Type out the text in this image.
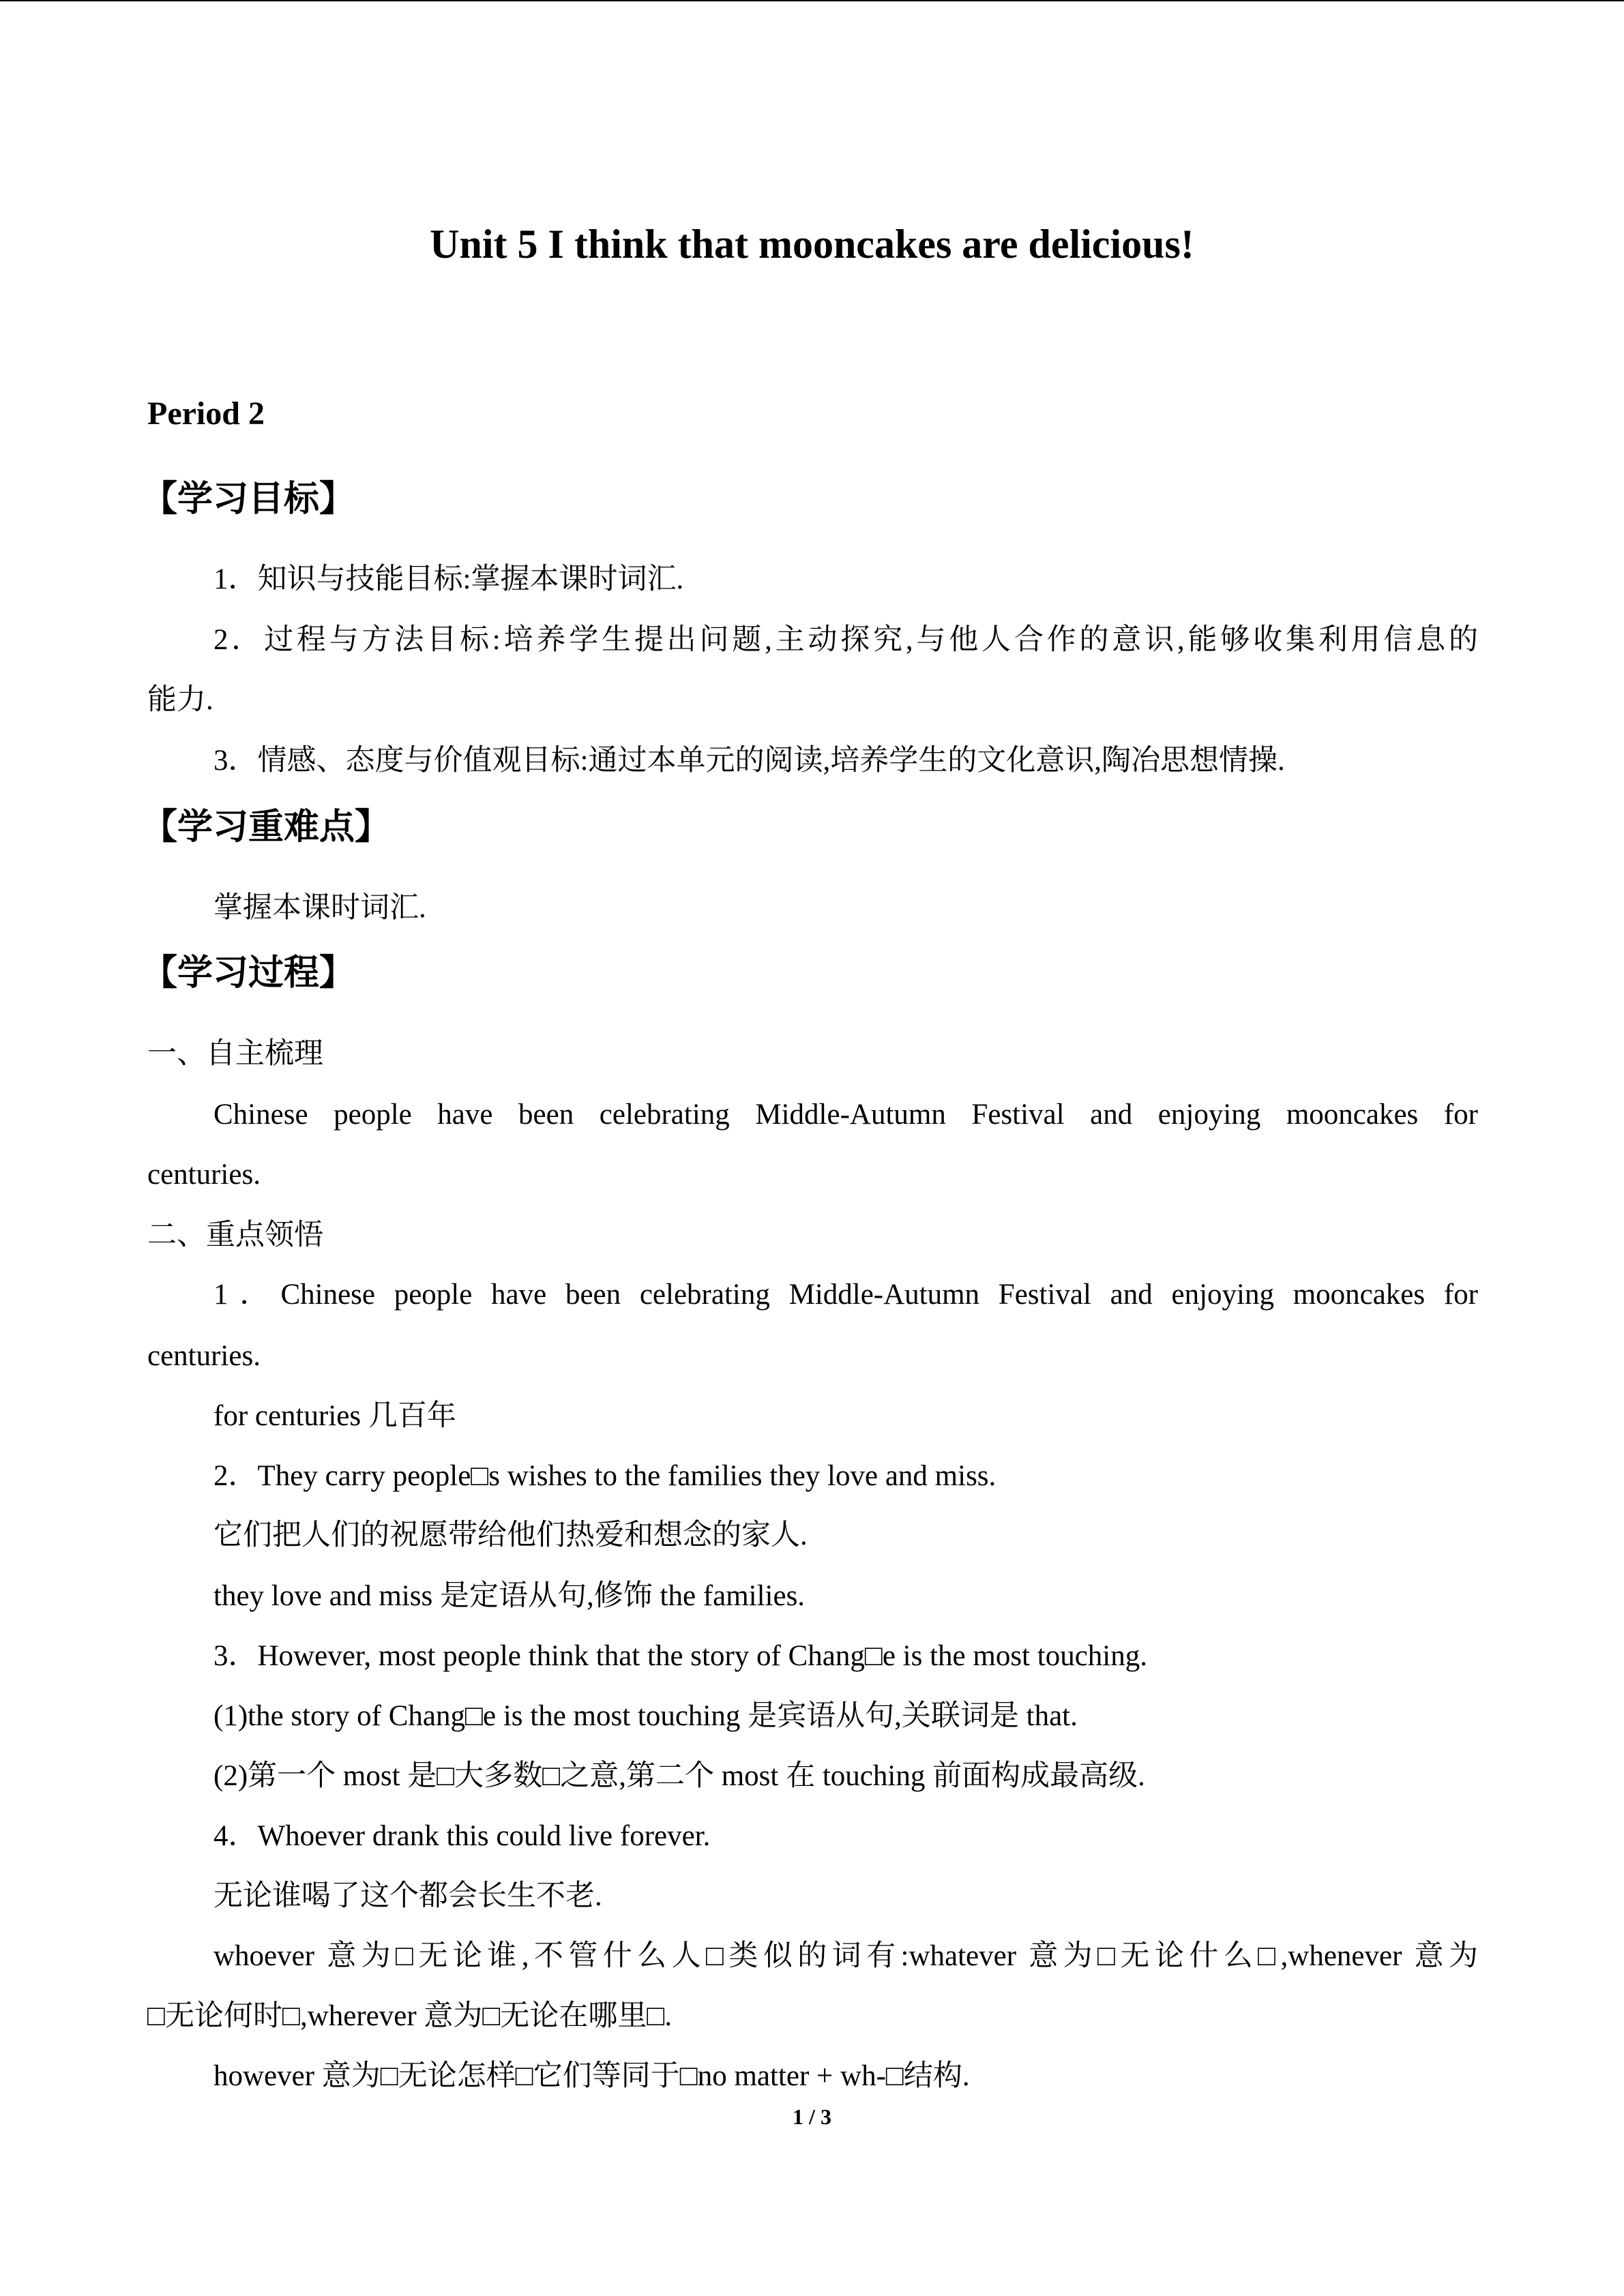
Unit 5 I think that mooncakes are delicious!
Period 2
【学习目标】
1．知识与技能目标:掌握本课时词汇.
2．过程与方法目标:培养学生提出问题,主动探究,与他人合作的意识,能够收集利用信息的
能力.
3．情感、态度与价值观目标:通过本单元的阅读,培养学生的文化意识,陶冶思想情操.
【学习重难点】
掌握本课时词汇.
【学习过程】
一、自主梳理
Chinese people have been celebrating Middle-Autumn Festival and enjoying mooncakes for
centuries.
二、重点领悟
1．Chinese people have been celebrating Middle-Autumn Festival and enjoying mooncakes for
centuries.
for centuries 几百年
2．They carry people□s wishes to the families they love and miss.
它们把人们的祝愿带给他们热爱和想念的家人.
they love and miss 是定语从句,修饰 the families.
3．However, most people think that the story of Chang□e is the most touching.
(1)the story of Chang□e is the most touching 是宾语从句,关联词是 that.
(2)第一个 most 是□大多数□之意,第二个 most 在 touching 前面构成最高级.
4．Whoever drank this could live forever.
无论谁喝了这个都会长生不老.
whoever 意为□无论谁,不管什么人□类似的词有:whatever 意为□无论什么□,whenever 意为
□无论何时□,wherever 意为□无论在哪里□.
however 意为□无论怎样□它们等同于□no matter + wh-□结构.
1 / 3
